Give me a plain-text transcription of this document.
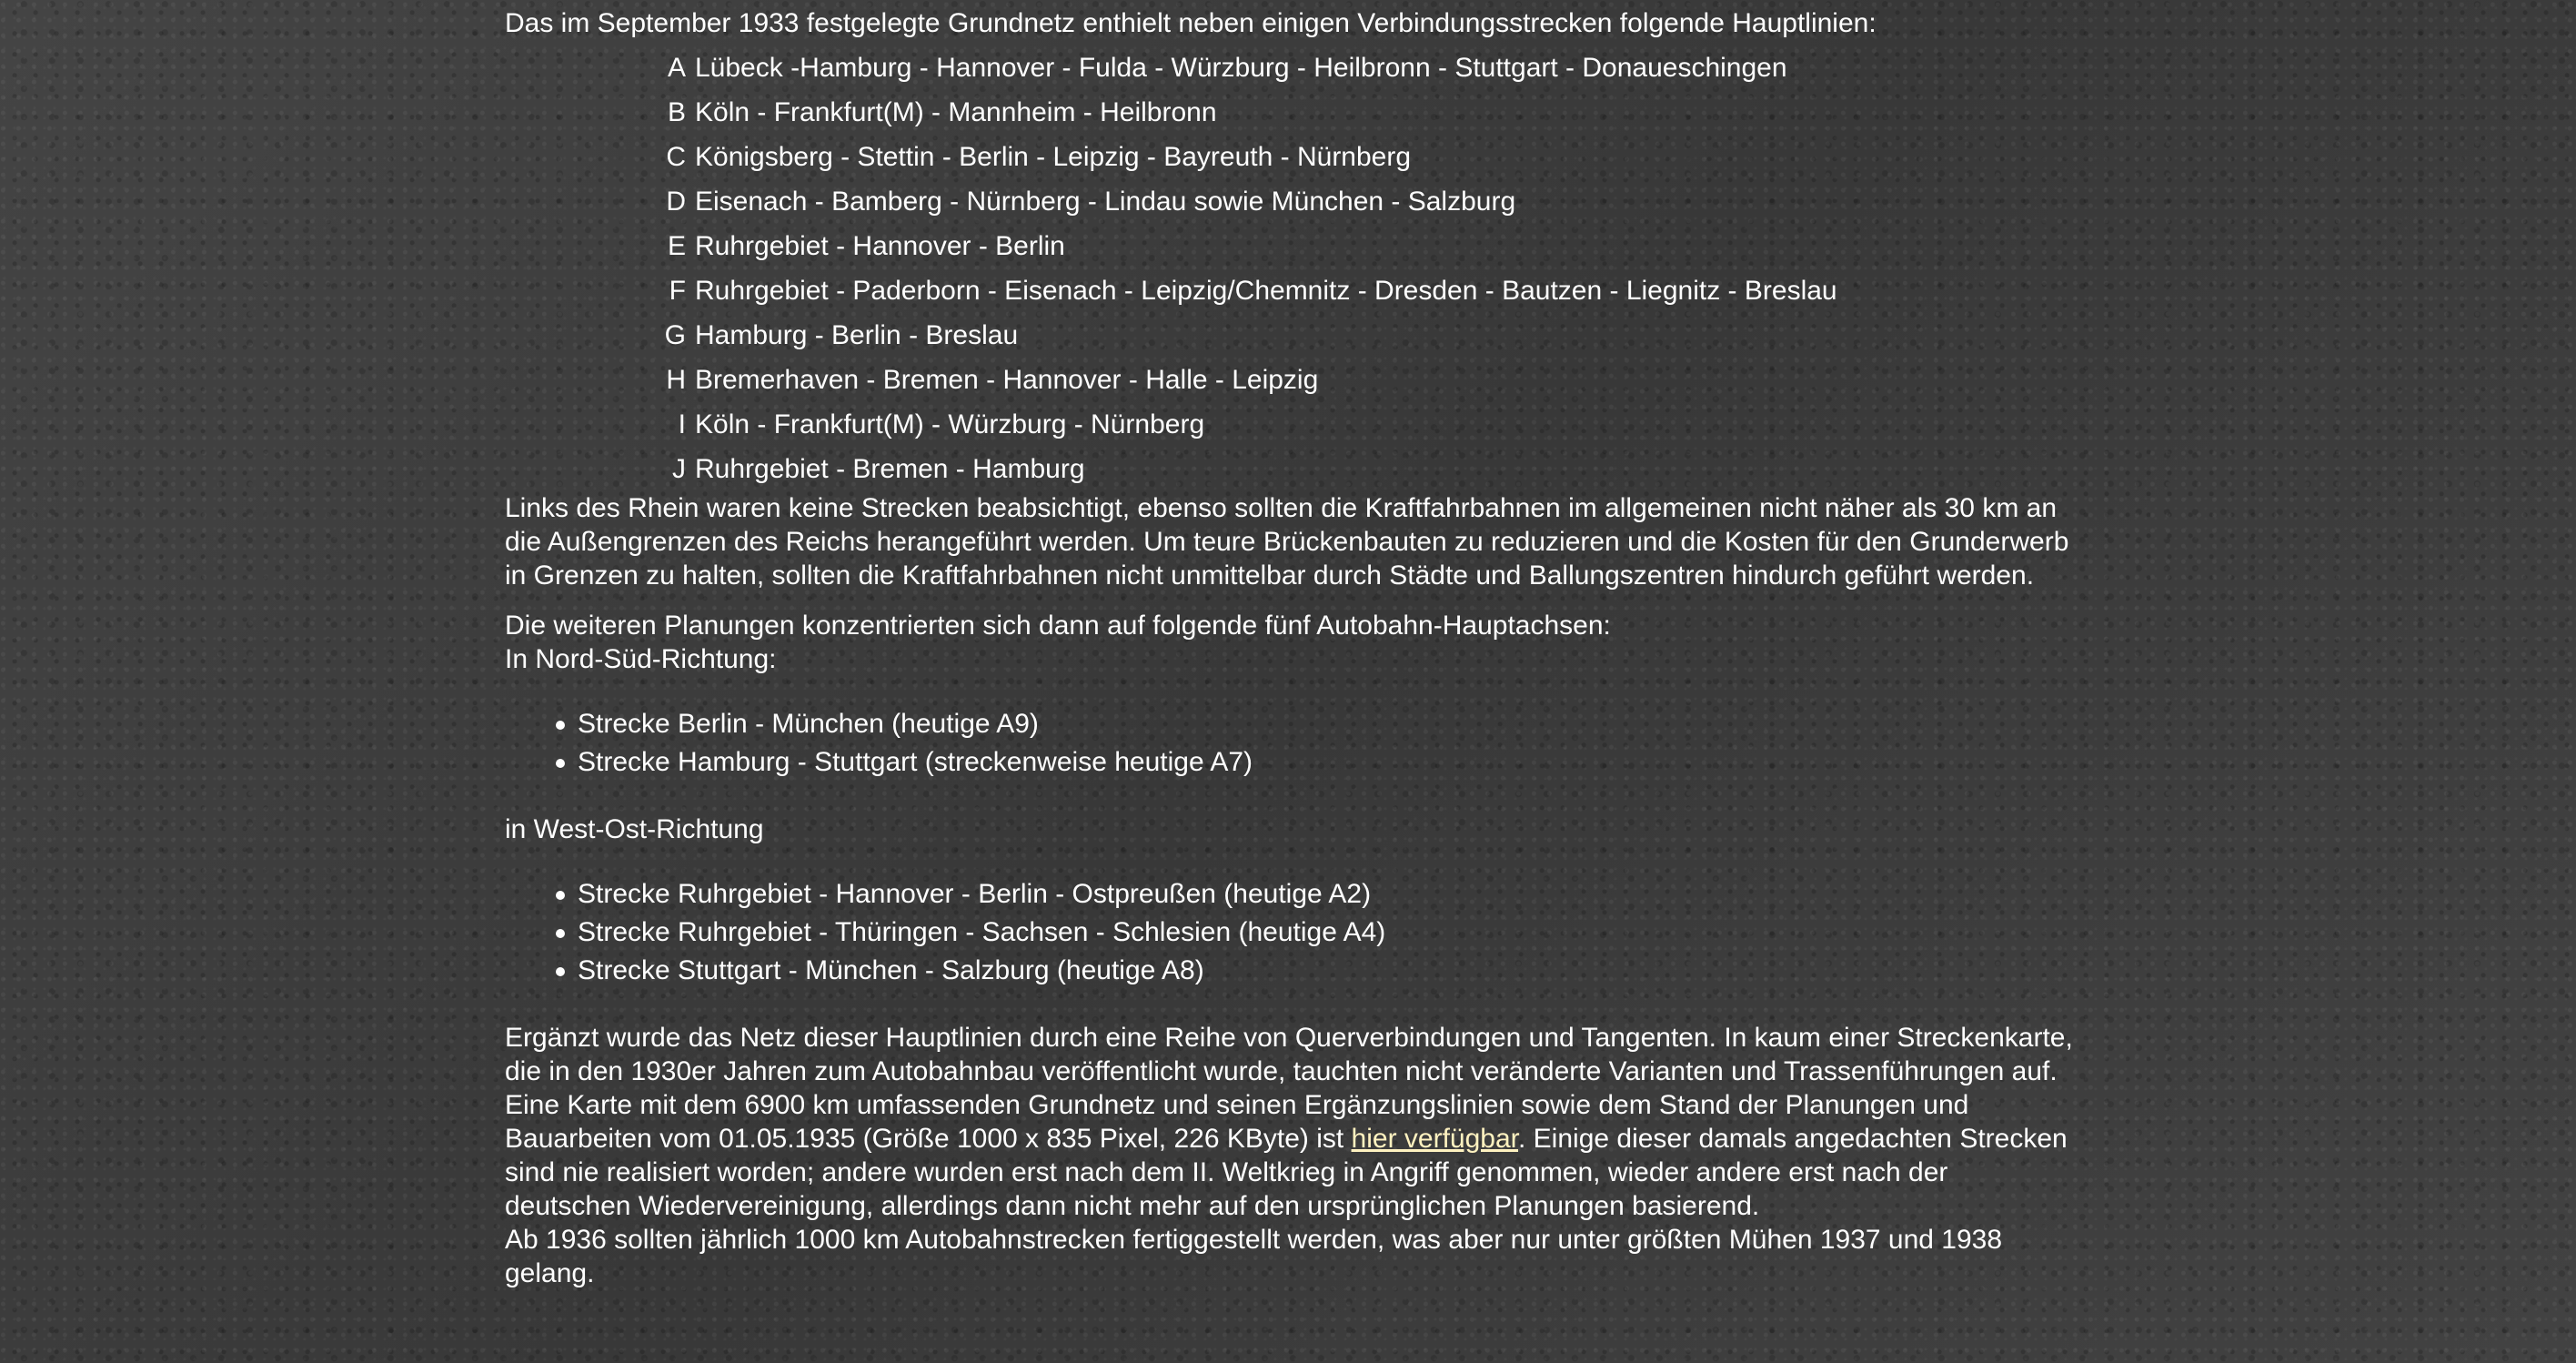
Das im September 1933 festgelegte Grundnetz enthielt neben einigen Verbindungsstrecken folgende Hauptlinien:

A Lübeck -Hamburg - Hannover - Fulda - Würzburg - Heilbronn - Stuttgart - Donaueschingen
B Köln - Frankfurt(M) - Mannheim - Heilbronn
C Königsberg - Stettin - Berlin - Leipzig - Bayreuth - Nürnberg
D Eisenach - Bamberg - Nürnberg - Lindau sowie München - Salzburg
E Ruhrgebiet - Hannover - Berlin
F Ruhrgebiet - Paderborn - Eisenach - Leipzig/Chemnitz - Dresden - Bautzen - Liegnitz - Breslau
G Hamburg - Berlin - Breslau
H Bremerhaven - Bremen - Hannover - Halle - Leipzig
I Köln - Frankfurt(M) - Würzburg - Nürnberg
J Ruhrgebiet - Bremen - Hamburg

Links des Rhein waren keine Strecken beabsichtigt, ebenso sollten die Kraftfahrbahnen im allgemeinen nicht näher als 30 km an die Außengrenzen des Reichs herangeführt werden. Um teure Brückenbauten zu reduzieren und die Kosten für den Grunderwerb in Grenzen zu halten, sollten die Kraftfahrbahnen nicht unmittelbar durch Städte und Ballungszentren hindurch geführt werden.

Die weiteren Planungen konzentrierten sich dann auf folgende fünf Autobahn-Hauptachsen:

In Nord-Süd-Richtung:

Strecke Berlin - München (heutige A9)
Strecke Hamburg - Stuttgart (streckenweise heutige A7)

in West-Ost-Richtung

Strecke Ruhrgebiet - Hannover - Berlin - Ostpreußen (heutige A2)
Strecke Ruhrgebiet - Thüringen - Sachsen - Schlesien (heutige A4)
Strecke Stuttgart - München - Salzburg (heutige A8)

Ergänzt wurde das Netz dieser Hauptlinien durch eine Reihe von Querverbindungen und Tangenten. In kaum einer Streckenkarte, die in den 1930er Jahren zum Autobahnbau veröffentlicht wurde, tauchten nicht veränderte Varianten und Trassenführungen auf.
Eine Karte mit dem 6900 km umfassenden Grundnetz und seinen Ergänzungslinien sowie dem Stand der Planungen und Bauarbeiten vom 01.05.1935 (Größe 1000 x 835 Pixel, 226 KByte) ist hier verfügbar. Einige dieser damals angedachten Strecken sind nie realisiert worden; andere wurden erst nach dem II. Weltkrieg in Angriff genommen, wieder andere erst nach der deutschen Wiedervereinigung, allerdings dann nicht mehr auf den ursprünglichen Planungen basierend.
Ab 1936 sollten jährlich 1000 km Autobahnstrecken fertiggestellt werden, was aber nur unter größten Mühen 1937 und 1938 gelang.
